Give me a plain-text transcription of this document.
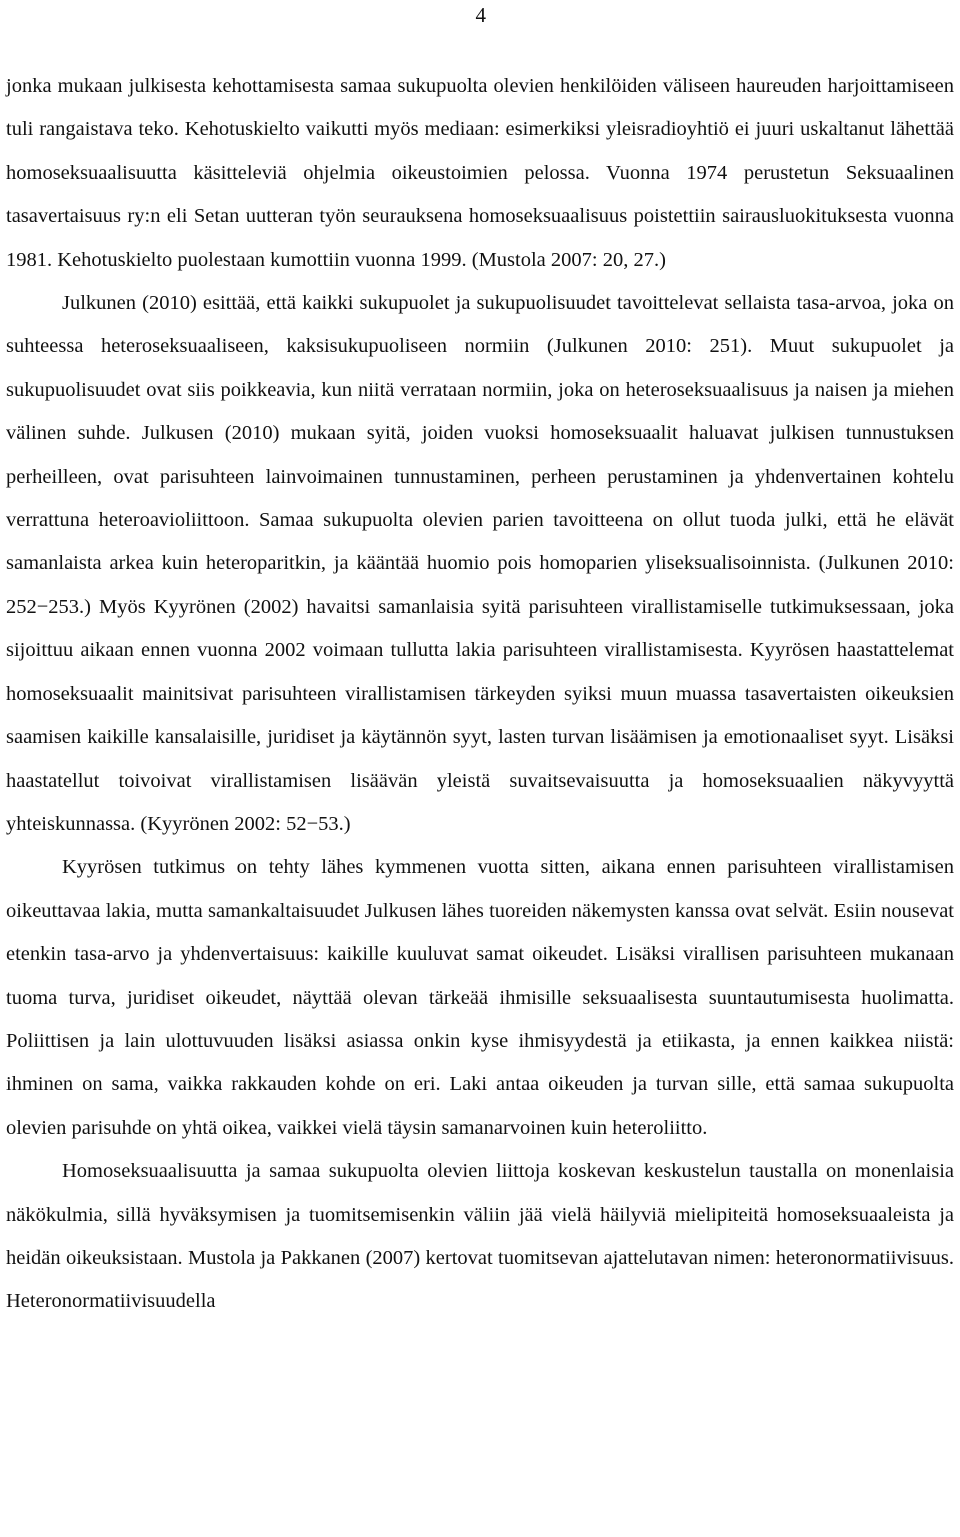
4

jonka mukaan julkisesta kehottamisesta samaa sukupuolta olevien henkilöiden väliseen haureuden harjoittamiseen tuli rangaistava teko. Kehotuskielto vaikutti myös mediaan: esimerkiksi yleisradioyhtiö ei juuri uskaltanut lähettää homoseksuaalisuutta käsitteleviä ohjelmia oikeustoimien pelossa. Vuonna 1974 perustetun Seksuaalinen tasavertaisuus ry:n eli Setan uutteran työn seurauksena homoseksuaalisuus poistettiin sairausluokituksesta vuonna 1981. Kehotuskielto puolestaan kumottiin vuonna 1999. (Mustola 2007: 20, 27.)

Julkunen (2010) esittää, että kaikki sukupuolet ja sukupuolisuudet tavoittelevat sellaista tasa-arvoa, joka on suhteessa heteroseksuaaliseen, kaksisukupuoliseen normiin (Julkunen 2010: 251). Muut sukupuolet ja sukupuolisuudet ovat siis poikkeavia, kun niitä verrataan normiin, joka on heteroseksuaalisuus ja naisen ja miehen välinen suhde. Julkusen (2010) mukaan syitä, joiden vuoksi homoseksuaalit haluavat julkisen tunnustuksen perheilleen, ovat parisuhteen lainvoimainen tunnustaminen, perheen perustaminen ja yhdenvertainen kohtelu verrattuna heteroavioliittoon. Samaa sukupuolta olevien parien tavoitteena on ollut tuoda julki, että he elävät samanlaista arkea kuin heteroparitkin, ja kääntää huomio pois homoparien yliseksualisoinnista. (Julkunen 2010: 252−253.) Myös Kyyrönen (2002) havaitsi samanlaisia syitä parisuhteen virallistamiselle tutkimuksessaan, joka sijoittuu aikaan ennen vuonna 2002 voimaan tullutta lakia parisuhteen virallistamisesta. Kyyrösen haastattelemat homoseksuaalit mainitsivat parisuhteen virallistamisen tärkeyden syiksi muun muassa tasavertaisten oikeuksien saamisen kaikille kansalaisille, juridiset ja käytännön syyt, lasten turvan lisäämisen ja emotionaaliset syyt. Lisäksi haastatellut toivoivat virallistamisen lisäävän yleistä suvaitsevaisuutta ja homoseksuaalien näkyvyyttä yhteiskunnassa. (Kyyrönen 2002: 52−53.)

Kyyrösen tutkimus on tehty lähes kymmenen vuotta sitten, aikana ennen parisuhteen virallistamisen oikeuttavaa lakia, mutta samankaltaisuudet Julkusen lähes tuoreiden näkemysten kanssa ovat selvät. Esiin nousevat etenkin tasa-arvo ja yhdenvertaisuus: kaikille kuuluvat samat oikeudet. Lisäksi virallisen parisuhteen mukanaan tuoma turva, juridiset oikeudet, näyttää olevan tärkeää ihmisille seksuaalisesta suuntautumisesta huolimatta. Poliittisen ja lain ulottuvuuden lisäksi asiassa onkin kyse ihmisyydestä ja etiikasta, ja ennen kaikkea niistä: ihminen on sama, vaikka rakkauden kohde on eri. Laki antaa oikeuden ja turvan sille, että samaa sukupuolta olevien parisuhde on yhtä oikea, vaikkei vielä täysin samanarvoinen kuin heteroliitto.

Homoseksuaalisuutta ja samaa sukupuolta olevien liittoja koskevan keskustelun taustalla on monenlaisia näkökulmia, sillä hyväksymisen ja tuomitsemisenkin väliin jää vielä häilyviä mielipiteitä homoseksuaaleista ja heidän oikeuksistaan. Mustola ja Pakkanen (2007) kertovat tuomitsevan ajattelutavan nimen: heteronormatiivisuus. Heteronormatiivisuudella
